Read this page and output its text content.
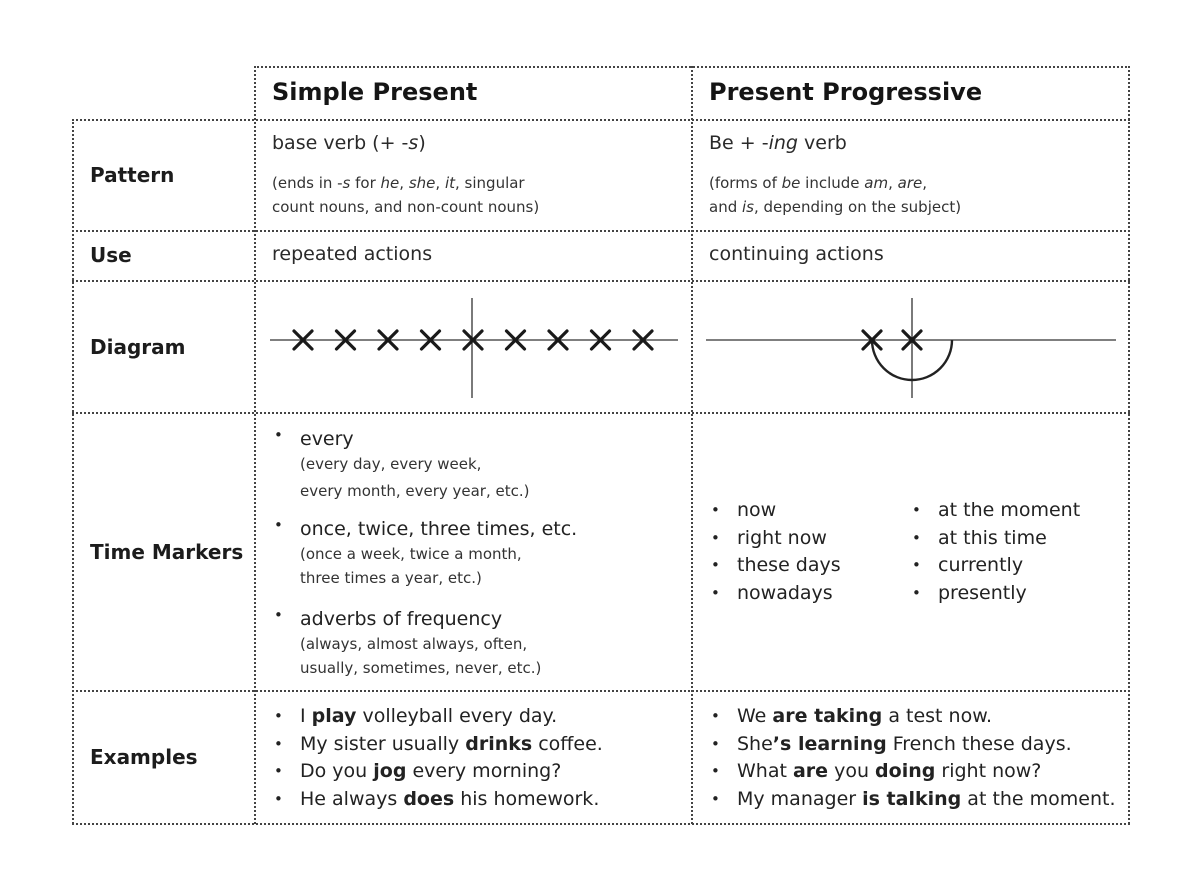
Simple Present	Present Progressive
Pattern
Use
Diagram
Time Markers
Examples
base verb (+ -s)
(ends in -s for he, she, it, singular
count nouns, and non-count nouns)
Be + -ing verb
(forms of be include am, are,
and is, depending on the subject)
repeated actions	continuing actions
• every
(every day, every week,
every month, every year, etc.)
• once, twice, three times, etc.
(once a week, twice a month,
three times a year, etc.)
• adverbs of frequency
(always, almost always, often,
usually, sometimes, never, etc.)
• now
• right now
• these days
• nowadays
• at the moment
• at this time
• currently
• presently
• I play volleyball every day.
• My sister usually drinks coffee.
• Do you jog every morning?
• He always does his homework.
• We are taking a test now.
• She’s learning French these days.
• What are you doing right now?
• My manager is talking at the moment.
